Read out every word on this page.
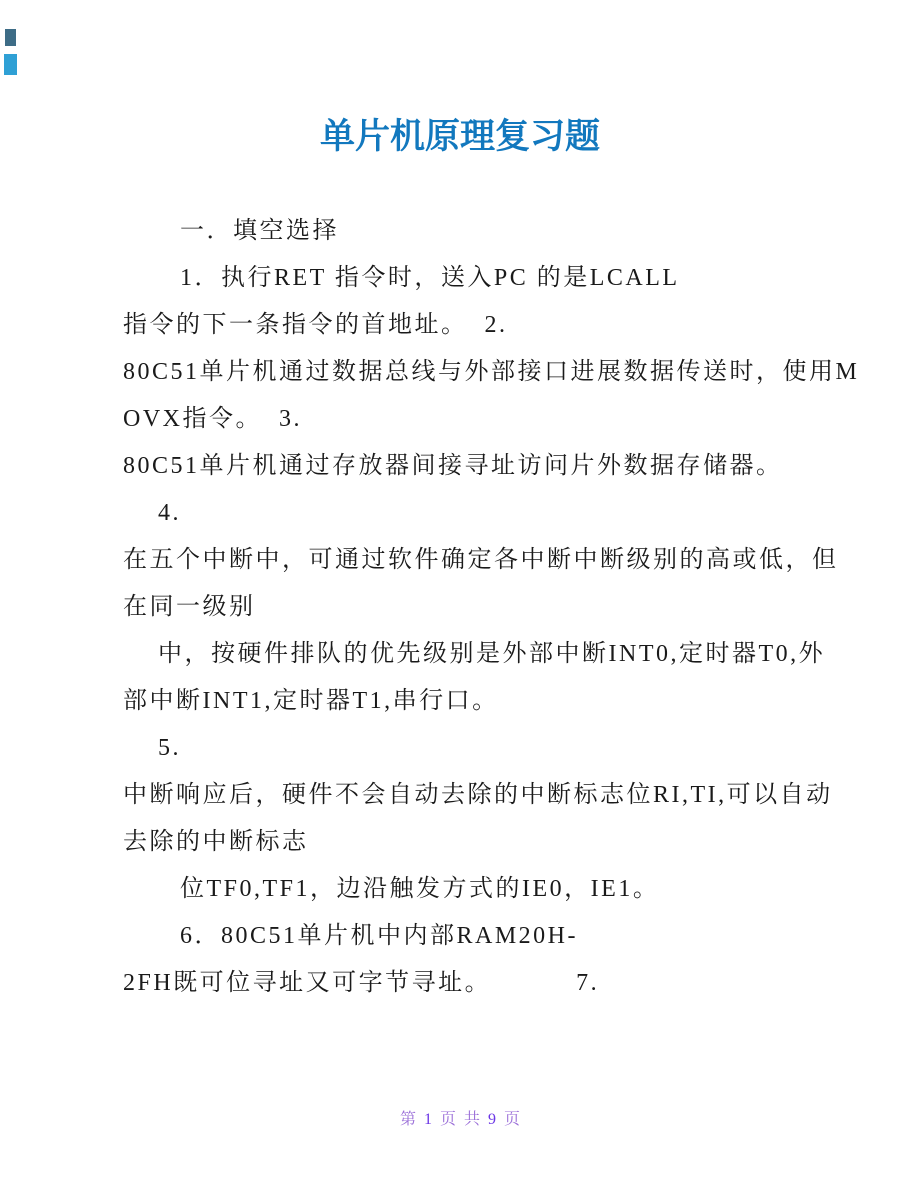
单片机原理复习题
一．填空选择
1．执行RET 指令时，送入PC 的是LCALL
指令的下一条指令的首地址。  2.
80C51单片机通过数据总线与外部接口进展数据传送时，使用M
OVX指令。  3.
80C51单片机通过存放器间接寻址访问片外数据存储器。
4.
在五个中断中，可通过软件确定各中断中断级别的高或低，但
在同一级别
中，按硬件排队的优先级别是外部中断INT0,定时器T0,外
部中断INT1,定时器T1,串行口。
5.
中断响应后，硬件不会自动去除的中断标志位RI,TI,可以自动
去除的中断标志
位TF0,TF1，边沿触发方式的IE0，IE1。
6．80C51单片机中内部RAM20H-
2FH既可位寻址又可字节寻址。          7.
第 1 页 共 9 页
